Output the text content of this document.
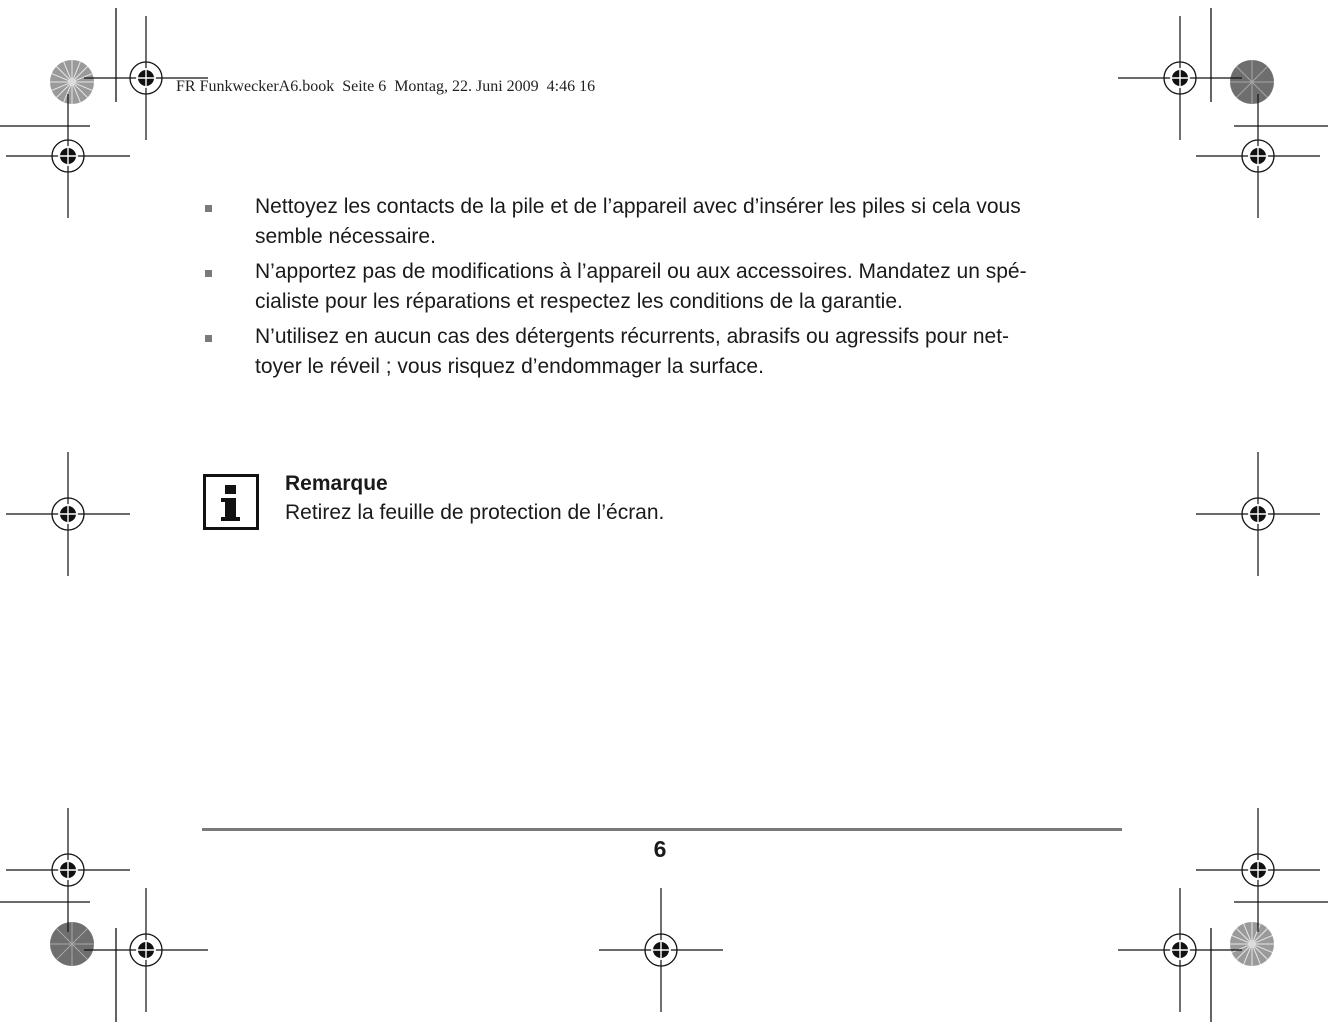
FR FunkweckerA6.book  Seite 6  Montag, 22. Juni 2009  4:46 16
Nettoyez les contacts de la pile et de l’appareil avec d’insérer les piles si cela vous
semble nécessaire.
N’apportez pas de modifications à l’appareil ou aux accessoires. Mandatez un spé-
cialiste pour les réparations et respectez les conditions de la garantie.
N’utilisez en aucun cas des détergents récurrents, abrasifs ou agressifs pour net-
toyer le réveil ; vous risquez d’endommager la surface.
Remarque
Retirez la feuille de protection de l’écran.
6
